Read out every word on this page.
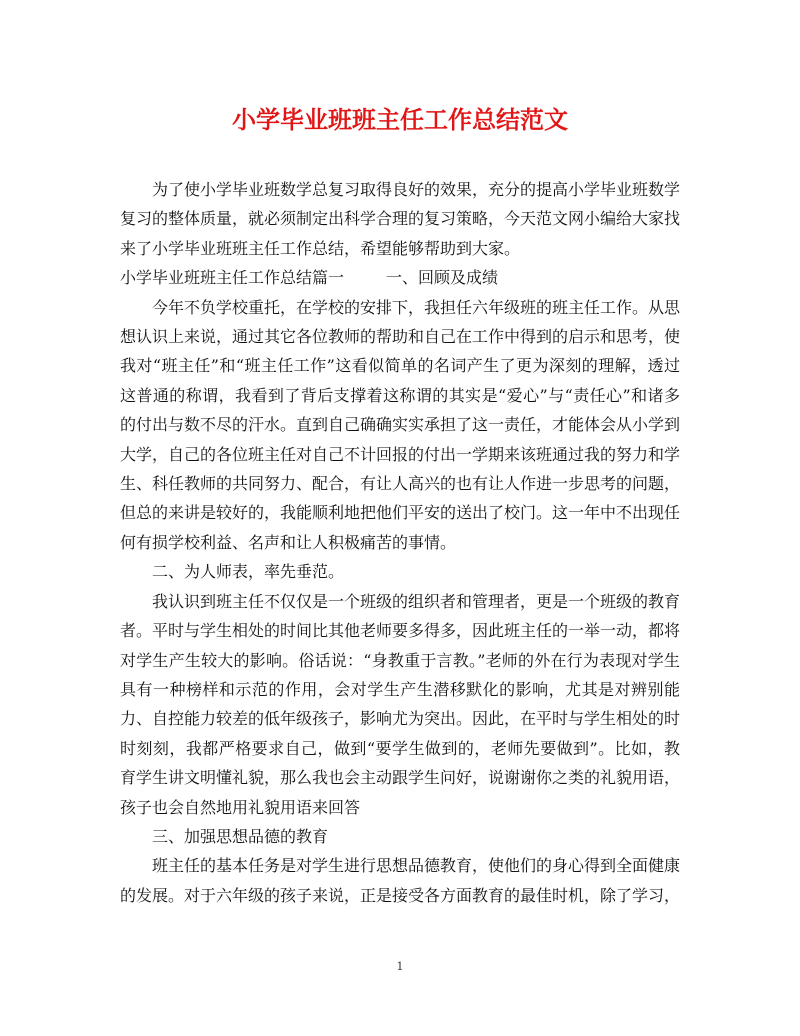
小学毕业班班主任工作总结范文

为了使小学毕业班数学总复习取得良好的效果，充分的提高小学毕业班数学复习的整体质量，就必须制定出科学合理的复习策略，今天范文网小编给大家找来了小学毕业班班主任工作总结，希望能够帮助到大家。

小学毕业班班主任工作总结篇一	一、回顾及成绩

今年不负学校重托，在学校的安排下，我担任六年级班的班主任工作。从思想认识上来说，通过其它各位教师的帮助和自己在工作中得到的启示和思考，使我对“班主任”和“班主任工作”这看似简单的名词产生了更为深刻的理解，透过这普通的称谓，我看到了背后支撑着这称谓的其实是“爱心”与“责任心”和诸多的付出与数不尽的汗水。直到自己确确实实承担了这一责任，才能体会从小学到大学，自己的各位班主任对自己不计回报的付出一学期来该班通过我的努力和学生、科任教师的共同努力、配合，有让人高兴的也有让人作进一步思考的问题，但总的来讲是较好的，我能顺利地把他们平安的送出了校门。这一年中不出现任何有损学校利益、名声和让人积极痛苦的事情。

二、为人师表，率先垂范。

我认识到班主任不仅仅是一个班级的组织者和管理者，更是一个班级的教育者。平时与学生相处的时间比其他老师要多得多，因此班主任的一举一动，都将对学生产生较大的影响。俗话说：“身教重于言教。”老师的外在行为表现对学生具有一种榜样和示范的作用，会对学生产生潜移默化的影响，尤其是对辨别能力、自控能力较差的低年级孩子，影响尤为突出。因此，在平时与学生相处的时时刻刻，我都严格要求自己，做到“要学生做到的，老师先要做到”。比如，教育学生讲文明懂礼貌，那么我也会主动跟学生问好，说谢谢你之类的礼貌用语，孩子也会自然地用礼貌用语来回答

三、加强思想品德的教育

班主任的基本任务是对学生进行思想品德教育，使他们的身心得到全面健康的发展。对于六年级的孩子来说，正是接受各方面教育的最佳时机，除了学习，

1
